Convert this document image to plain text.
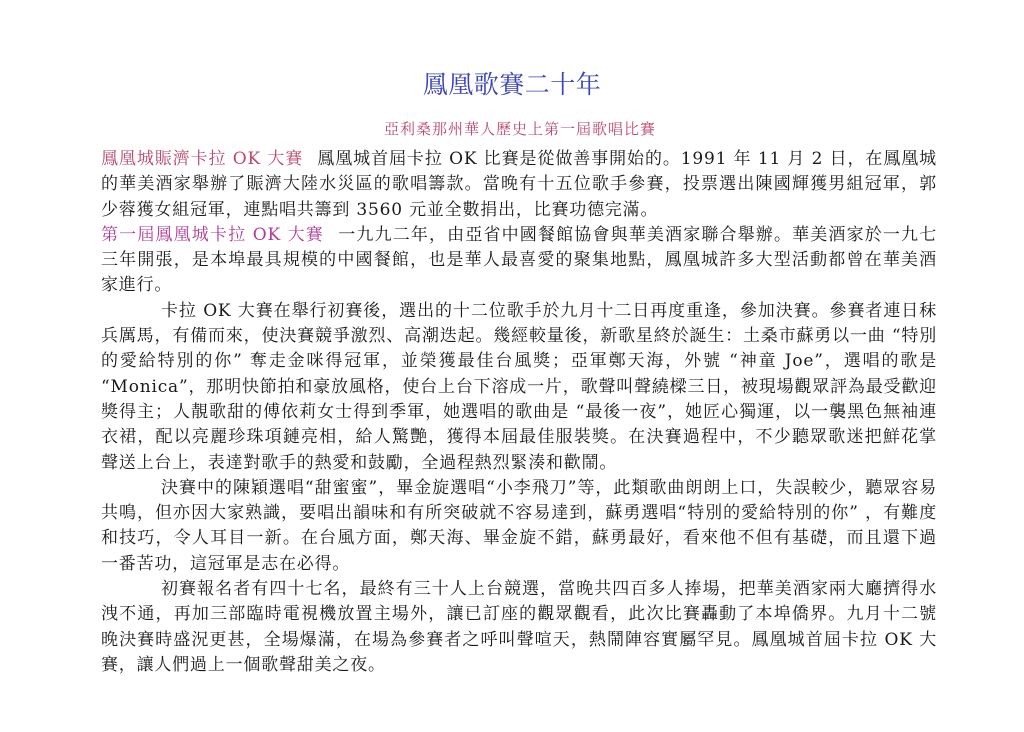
鳳凰歌賽二十年
亞利桑那州華人歷史上第一屆歌唱比賽

鳳凰城賑濟卡拉 OK 大賽 鳳凰城首屆卡拉 OK 比賽是從做善事開始的。1991 年 11 月 2 日，在鳳凰城的華美酒家舉辦了賑濟大陸水災區的歌唱籌款。當晚有十五位歌手參賽，投票選出陳國輝獲男組冠軍，郭少蓉獲女組冠軍，連點唱共籌到 3560 元並全數捐出，比賽功德完滿。

第一屆鳳凰城卡拉 OK 大賽 一九九二年，由亞省中國餐館協會與華美酒家聯合舉辦。華美酒家於一九七三年開張，是本埠最具規模的中國餐館，也是華人最喜愛的聚集地點，鳳凰城許多大型活動都曾在華美酒家進行。

卡拉 OK 大賽在舉行初賽後，選出的十二位歌手於九月十二日再度重逢，參加決賽。參賽者連日秣兵厲馬，有備而來，使決賽競爭激烈、高潮迭起。幾經較量後，新歌星終於誕生：土桑市蘇勇以一曲 “特別的愛給特別的你” 奪走金咪得冠軍，並榮獲最佳台風獎；亞軍鄭天海，外號 “神童 Joe”，選唱的歌是 “Monica”，那明快節拍和豪放風格，使台上台下溶成一片，歌聲叫聲繞樑三日，被現場觀眾評為最受歡迎獎得主；人靚歌甜的傅依莉女士得到季軍，她選唱的歌曲是 “最後一夜”，她匠心獨運，以一襲黑色無袖連衣裙，配以亮麗珍珠項鏈亮相，給人驚艷，獲得本屆最佳服裝獎。在決賽過程中，不少聽眾歌迷把鮮花掌聲送上台上，表達對歌手的熱愛和鼓勵，全過程熱烈緊湊和歡鬧。

決賽中的陳穎選唱“甜蜜蜜”，畢金旋選唱“小李飛刀”等，此類歌曲朗朗上口，失誤較少，聽眾容易共鳴，但亦因大家熟識，要唱出韻味和有所突破就不容易達到，蘇勇選唱“特別的愛給特別的你” ，有難度和技巧，令人耳目一新。在台風方面，鄭天海、畢金旋不錯，蘇勇最好，看來他不但有基礎，而且還下過一番苦功，這冠軍是志在必得。

初賽報名者有四十七名，最終有三十人上台競選，當晚共四百多人捧場，把華美酒家兩大廳擠得水洩不通，再加三部臨時電視機放置主場外，讓已訂座的觀眾觀看，此次比賽轟動了本埠僑界。九月十二號晚決賽時盛況更甚，全場爆滿，在場為參賽者之呼叫聲喧天，熱鬧陣容實屬罕見。鳳凰城首屆卡拉 OK 大賽，讓人們過上一個歌聲甜美之夜。
